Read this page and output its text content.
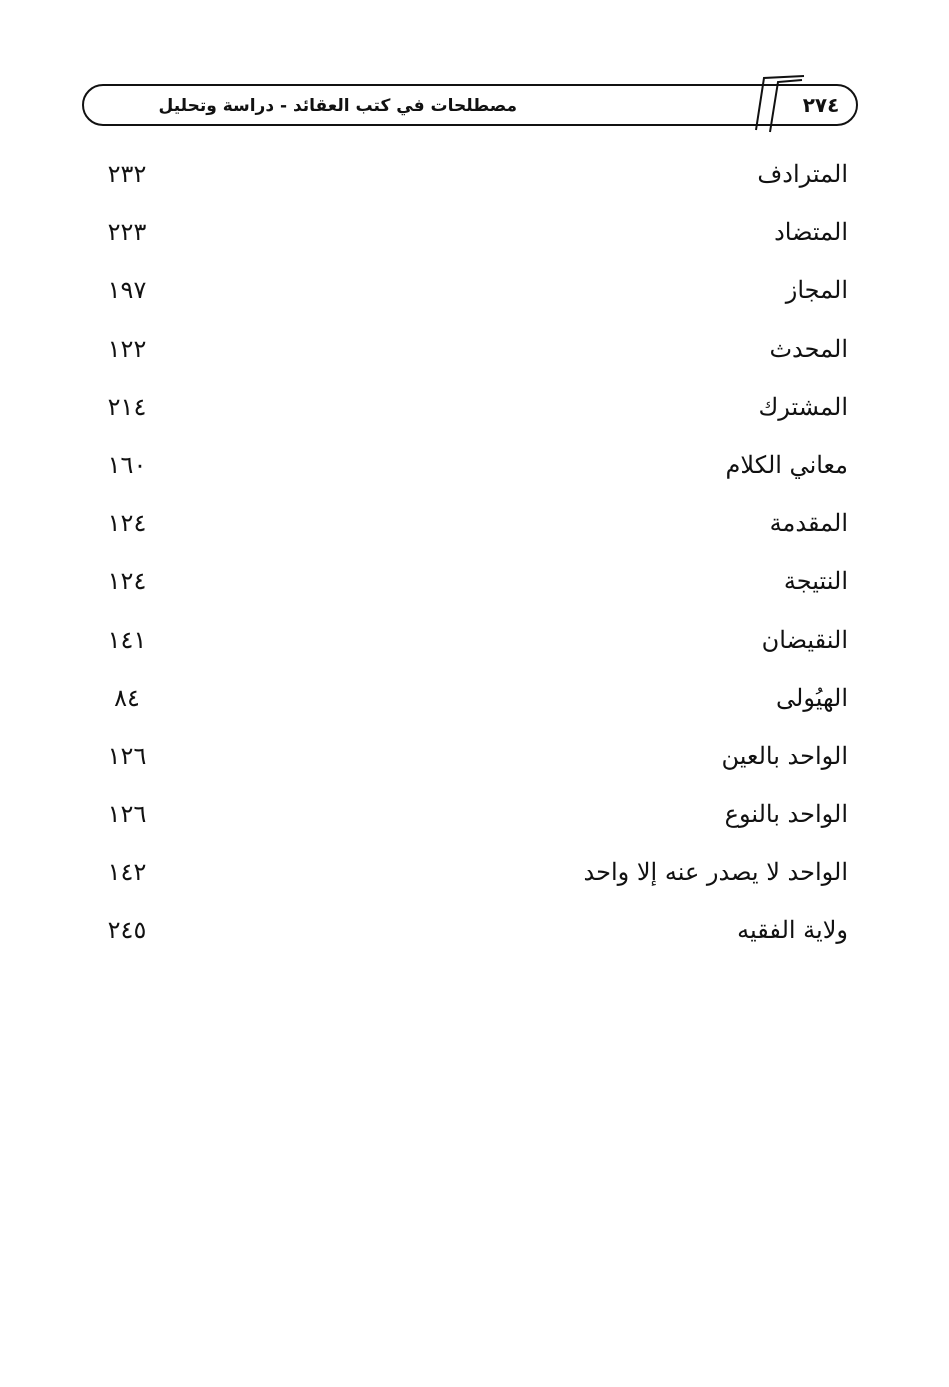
٢٧٤
مصطلحات في كتب العقائد - دراسة وتحليل
المترادف
٢٣٢
المتضاد
٢٢٣
المجاز
١٩٧
المحدث
١٢٢
المشترك
٢١٤
معاني الكلام
١٦٠
المقدمة
١٢٤
النتيجة
١٢٤
النقيضان
١٤١
الهيُولى
٨٤
الواحد بالعين
١٢٦
الواحد بالنوع
١٢٦
الواحد لا يصدر عنه إلا واحد
١٤٢
ولاية الفقيه
٢٤٥
